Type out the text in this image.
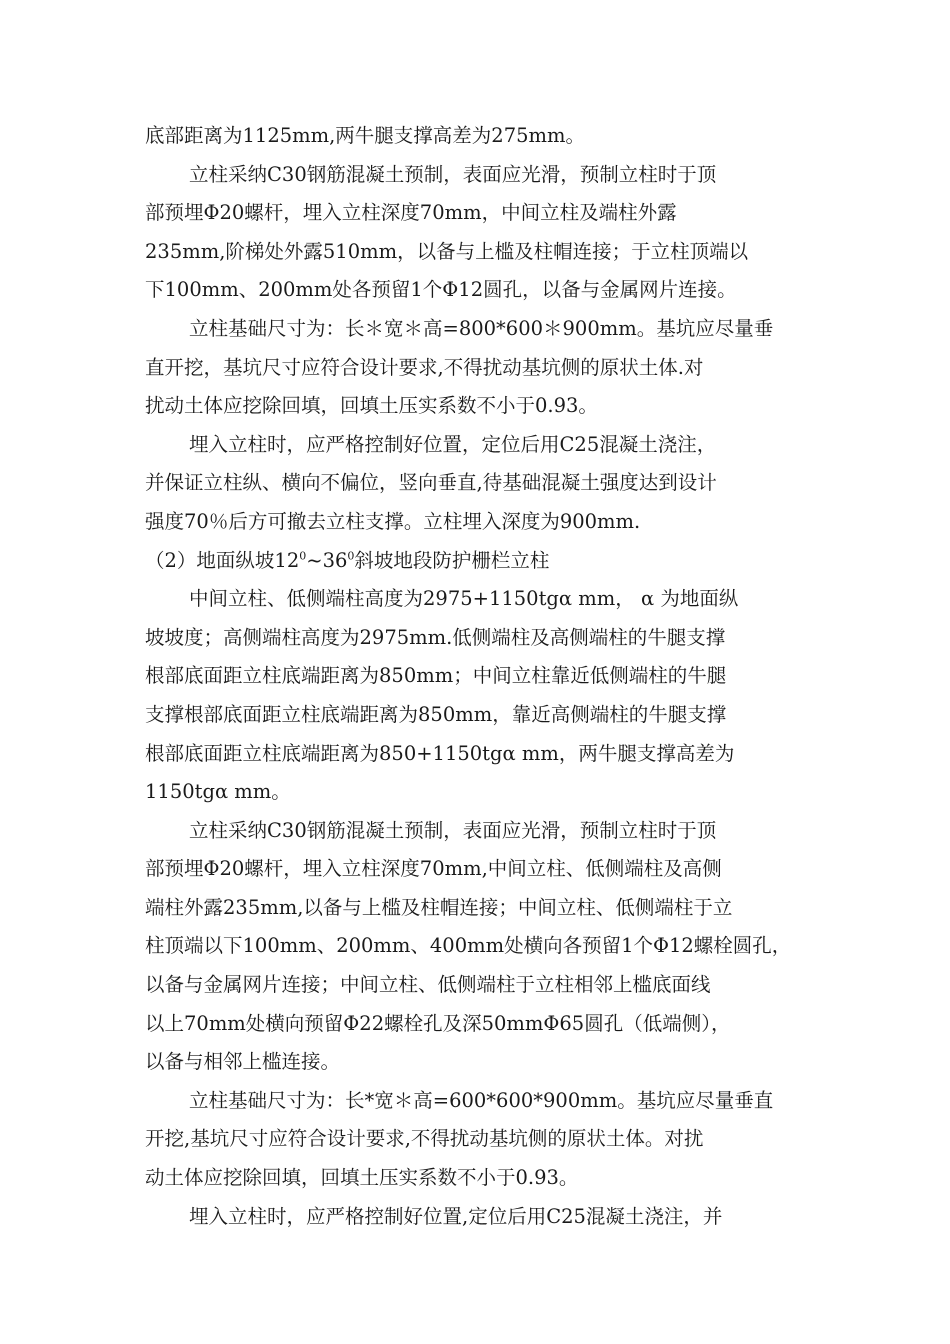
底部距离为1125mm,两牛腿支撑高差为275mm。
立柱采纳C30钢筋混凝土预制，表面应光滑，预制立柱时于顶
部预埋Φ20螺杆，埋入立柱深度70mm，中间立柱及端柱外露
235mm,阶梯处外露510mm，以备与上槛及柱帽连接；于立柱顶端以
下100mm、200mm处各预留1个Φ12圆孔，以备与金属网片连接。
立柱基础尺寸为：长＊宽＊高=800*600＊900mm。基坑应尽量垂
直开挖，基坑尺寸应符合设计要求,不得扰动基坑侧的原状土体.对
扰动土体应挖除回填，回填土压实系数不小于0.93。
埋入立柱时，应严格控制好位置，定位后用C25混凝土浇注，
并保证立柱纵、横向不偏位，竖向垂直,待基础混凝土强度达到设计
强度70％后方可撤去立柱支撑。立柱埋入深度为900mm.
（2）地面纵坡$12^0\sim 36^0$斜坡地段防护栅栏立柱
中间立柱、低侧端柱高度为2975+1150tgα mm， α 为地面纵
坡坡度；高侧端柱高度为2975mm.低侧端柱及高侧端柱的牛腿支撑
根部底面距立柱底端距离为850mm；中间立柱靠近低侧端柱的牛腿
支撑根部底面距立柱底端距离为850mm，靠近高侧端柱的牛腿支撑
根部底面距立柱底端距离为850+1150tgα mm，两牛腿支撑高差为
1150tgα mm。
立柱采纳C30钢筋混凝土预制，表面应光滑，预制立柱时于顶
部预埋Φ20螺杆，埋入立柱深度70mm,中间立柱、低侧端柱及高侧
端柱外露235mm,以备与上槛及柱帽连接；中间立柱、低侧端柱于立
柱顶端以下100mm、200mm、400mm处横向各预留1个Φ12螺栓圆孔，
以备与金属网片连接；中间立柱、低侧端柱于立柱相邻上槛底面线
以上70mm处横向预留Φ22螺栓孔及深50mmΦ65圆孔（低端侧），
以备与相邻上槛连接。
立柱基础尺寸为：长*宽＊高=600*600*900mm。基坑应尽量垂直
开挖,基坑尺寸应符合设计要求,不得扰动基坑侧的原状土体。对扰
动土体应挖除回填，回填土压实系数不小于0.93。
埋入立柱时，应严格控制好位置,定位后用C25混凝土浇注，并
